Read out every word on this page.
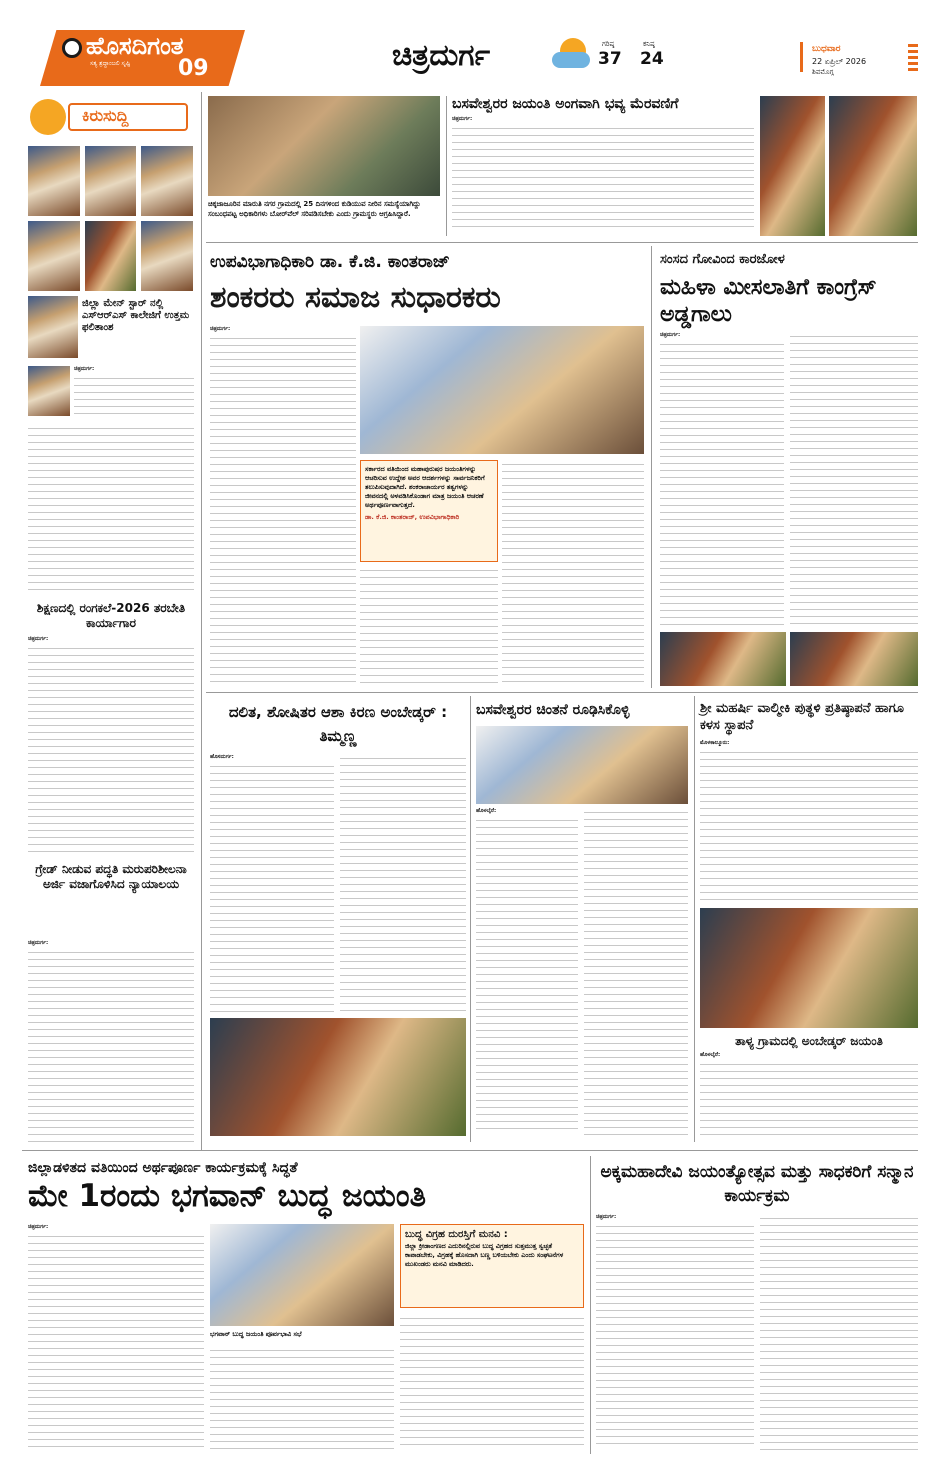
ಹೊಸದಿಗಂತ
ಸತ್ಯ ಶ್ರದ್ಧಾಂಜಲಿ ಸೃಷ್ಟಿ 09	ಚಿತ್ರದುರ್ಗ	ಗರಿಷ್ಠ
37
ಕನಿಷ್ಠ
24	ಬುಧವಾರ
22 ಏಪ್ರಿಲ್ 2026
ಶಿವಮೊಗ್ಗ
ಕಿರುಸುದ್ದಿ
ಜಿಲ್ಲಾ ಮೇನ್ ಸ್ಟಾರ್ ನಲ್ಲಿ ಎಸ್‌ಆರ್‌ಎಸ್ ಕಾಲೇಜಿಗೆ ಉತ್ತಮ ಫಲಿತಾಂಶ
ಚಿತ್ರದುರ್ಗ:
ಶಿಕ್ಷಣದಲ್ಲಿ ರಂಗಕಲೆ-2026 ತರಬೇತಿ ಕಾರ್ಯಾಗಾರ
ಚಿತ್ರದುರ್ಗ:
ಗ್ರೇಡ್ ನೀಡುವ ಪದ್ಧತಿ ಮರುಪರಿಶೀಲನಾ ಅರ್ಜಿ ವಜಾಗೊಳಿಸಿದ ನ್ಯಾಯಾಲಯ
ಚಿತ್ರದುರ್ಗ:
ಚಿಕ್ಕಜಾಜೂರಿನ ಮಾರುತಿ ನಗರ ಗ್ರಾಮದಲ್ಲಿ 25 ದಿನಗಳಿಂದ ಕುಡಿಯುವ ನೀರಿನ ಸಮಸ್ಯೆಯಾಗಿದ್ದು ಸಂಬಂಧಪಟ್ಟ ಅಧಿಕಾರಿಗಳು ಬೋರ್‌ವೆಲ್ ಸರಿಪಡಿಸಬೇಕು ಎಂದು ಗ್ರಾಮಸ್ಥರು ಆಗ್ರಹಿಸಿದ್ದಾರೆ.
ಬಸವೇಶ್ವರರ ಜಯಂತಿ ಅಂಗವಾಗಿ ಭವ್ಯ ಮೆರವಣಿಗೆ
ಚಿತ್ರದುರ್ಗ:
ಉಪವಿಭಾಗಾಧಿಕಾರಿ ಡಾ. ಕೆ.ಜಿ. ಕಾಂತರಾಜ್
ಶಂಕರರು ಸಮಾಜ ಸುಧಾರಕರು
ಚಿತ್ರದುರ್ಗ:
ಸರ್ಕಾರದ ವತಿಯಿಂದ ಮಹಾಪುರುಷರ ಜಯಂತಿಗಳನ್ನು ಆಚರಿಸುವ ಉದ್ದೇಶ ಅವರ ಆದರ್ಶಗಳನ್ನು ಸಾರ್ವಜನಿಕರಿಗೆ ತಲುಪಿಸುವುದಾಗಿದೆ. ಶಂಕರಾಚಾರ್ಯರ ತತ್ವಗಳನ್ನು ಜೀವನದಲ್ಲಿ ಅಳವಡಿಸಿಕೊಂಡಾಗ ಮಾತ್ರ ಜಯಂತಿ ಆಚರಣೆ ಅರ್ಥಪೂರ್ಣವಾಗುತ್ತದೆ.
ಡಾ. ಕೆ.ಜಿ. ಕಾಂತರಾಜ್, ಉಪವಿಭಾಗಾಧಿಕಾರಿ
ಸಂಸದ ಗೋವಿಂದ ಕಾರಜೋಳ
ಮಹಿಳಾ ಮೀಸಲಾತಿಗೆ ಕಾಂಗ್ರೆಸ್ ಅಡ್ಡಗಾಲು
ಚಿತ್ರದುರ್ಗ:
ದಲಿತ, ಶೋಷಿತರ ಆಶಾ ಕಿರಣ ಅಂಬೇಡ್ಕರ್ : ತಿಮ್ಮಣ್ಣ
ಹೊಸದುರ್ಗ:
ಬಸವೇಶ್ವರರ ಚಿಂತನೆ ರೂಢಿಸಿಕೊಳ್ಳಿ
ಹೊಳಲ್ಕೆರೆ:
ಶ್ರೀ ಮಹರ್ಷಿ ವಾಲ್ಮೀಕಿ ಪುತ್ಥಳಿ ಪ್ರತಿಷ್ಠಾಪನೆ ಹಾಗೂ ಕಳಸ ಸ್ಥಾಪನೆ
ಮೊಳಕಾಲ್ಮೂರು:
ತಾಳ್ಯ ಗ್ರಾಮದಲ್ಲಿ ಅಂಬೇಡ್ಕರ್ ಜಯಂತಿ
ಹೊಳಲ್ಕೆರೆ:
ಜಿಲ್ಲಾಡಳಿತದ ವತಿಯಿಂದ ಅರ್ಥಪೂರ್ಣ ಕಾರ್ಯಕ್ರಮಕ್ಕೆ ಸಿದ್ಧತೆ
ಮೇ 1ರಂದು ಭಗವಾನ್ ಬುದ್ಧ ಜಯಂತಿ
ಚಿತ್ರದುರ್ಗ:
ಭಗವಾನ್ ಬುದ್ಧ ಜಯಂತಿ ಪೂರ್ವಭಾವಿ ಸಭೆ
ಬುದ್ಧ ವಿಗ್ರಹ ದುರಸ್ತಿಗೆ ಮನವಿ :
ಜಿಲ್ಲಾ ಕ್ರೀಡಾಂಗಣದ ಎದುರಿನಲ್ಲಿರುವ ಬುದ್ಧ ವಿಗ್ರಹದ ಸುತ್ತಮುತ್ತ ಸ್ವಚ್ಛತೆ ಕಾಪಾಡಬೇಕು, ವಿಗ್ರಹಕ್ಕೆ ಹೊಸದಾಗಿ ಬಣ್ಣ ಬಳಿಯಬೇಕು ಎಂದು ಸಂಘಟನೆಗಳ ಮುಖಂಡರು ಮನವಿ ಮಾಡಿದರು.
ಅಕ್ಕಮಹಾದೇವಿ ಜಯಂತ್ಯೋತ್ಸವ ಮತ್ತು ಸಾಧಕರಿಗೆ ಸನ್ಮಾನ ಕಾರ್ಯಕ್ರಮ
ಚಿತ್ರದುರ್ಗ:
